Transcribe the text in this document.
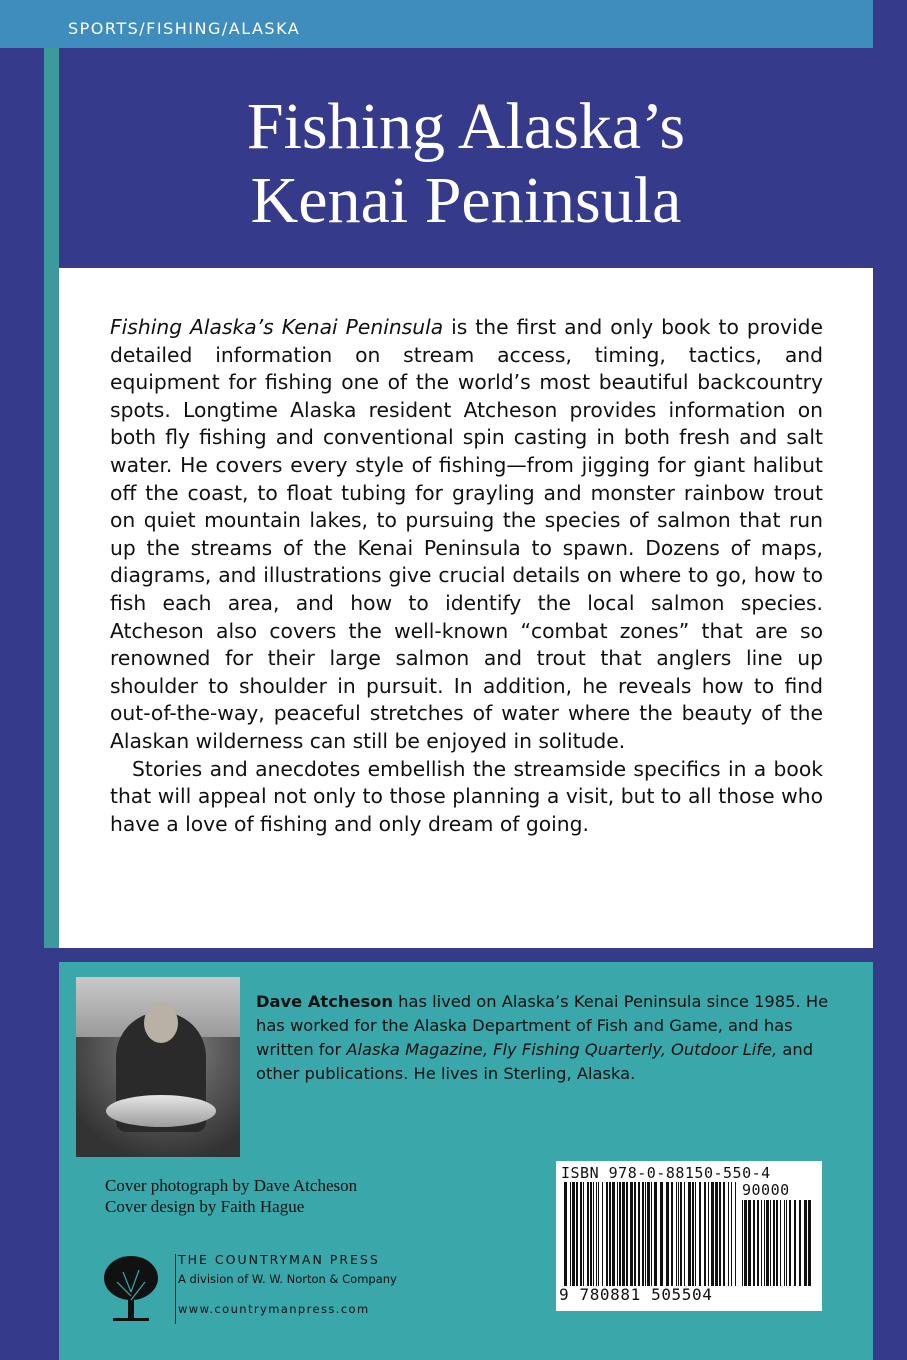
SPORTS/FISHING/ALASKA
Fishing Alaska’s
Kenai Peninsula

Fishing Alaska’s Kenai Peninsula is the first and only book to provide detailed information on stream access, timing, tactics, and equipment for fishing one of the world’s most beautiful backcountry spots. Longtime Alaska resident Atcheson provides information on both fly fishing and conventional spin casting in both fresh and salt water. He covers every style of fishing—from jigging for giant halibut off the coast, to float tubing for grayling and monster rainbow trout on quiet mountain lakes, to pursuing the species of salmon that run up the streams of the Kenai Peninsula to spawn. Dozens of maps, diagrams, and illustrations give crucial details on where to go, how to fish each area, and how to identify the local salmon species. Atcheson also covers the well-known “combat zones” that are so renowned for their large salmon and trout that anglers line up shoulder to shoulder in pursuit. In addition, he reveals how to find out-of-the-way, peaceful stretches of water where the beauty of the Alaskan wilderness can still be enjoyed in solitude.

Stories and anecdotes embellish the streamside specifics in a book that will appeal not only to those planning a visit, but to all those who have a love of fishing and only dream of going.

Dave Atcheson has lived on Alaska’s Kenai Peninsula since 1985. He has worked for the Alaska Department of Fish and Game, and has written for Alaska Magazine, Fly Fishing Quarterly, Outdoor Life, and other publications. He lives in Sterling, Alaska.

Cover photograph by Dave Atcheson
Cover design by Faith Hague
THE COUNTRYMAN PRESS
A division of W. W. Norton & Company
www.countrymanpress.com
ISBN 978-0-88150-550-4
90000
9 780881 505504
